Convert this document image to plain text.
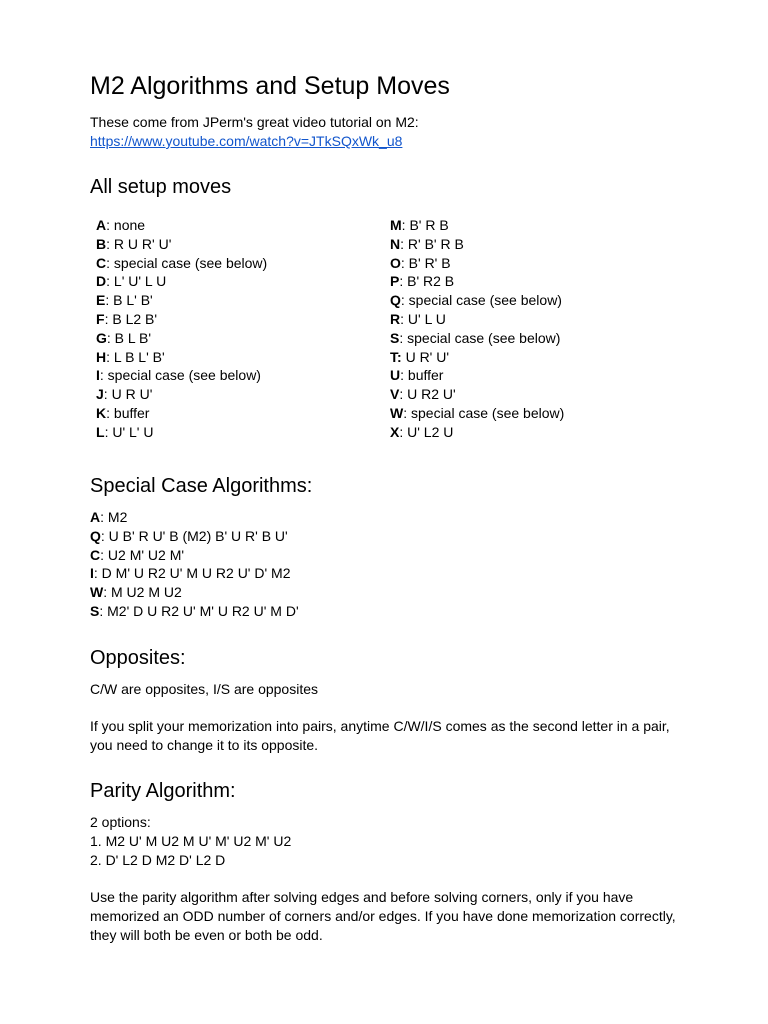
M2 Algorithms and Setup Moves
These come from JPerm's great video tutorial on M2:
https://www.youtube.com/watch?v=JTkSQxWk_u8
All setup moves
A: none
B: R U R' U'
C: special case (see below)
D: L' U' L U
E: B L' B'
F: B L2 B'
G: B L B'
H: L B L' B'
I: special case (see below)
J: U R U'
K: buffer
L: U' L' U
M: B' R B
N: R' B' R B
O: B' R' B
P: B' R2 B
Q: special case (see below)
R: U' L U
S: special case (see below)
T: U R' U'
U: buffer
V: U R2 U'
W: special case (see below)
X: U' L2 U
Special Case Algorithms:
A: M2
Q: U B' R U' B (M2) B' U R' B U'
C: U2 M' U2 M'
I: D M' U R2 U' M U R2 U' D' M2
W: M U2 M U2
S: M2' D U R2 U' M' U R2 U' M D'
Opposites:
C/W are opposites, I/S are opposites
If you split your memorization into pairs, anytime C/W/I/S comes as the second letter in a pair,
you need to change it to its opposite.
Parity Algorithm:
2 options:
1. M2 U' M U2 M U' M' U2 M' U2
2. D' L2 D M2 D' L2 D
Use the parity algorithm after solving edges and before solving corners, only if you have
memorized an ODD number of corners and/or edges. If you have done memorization correctly,
they will both be even or both be odd.
